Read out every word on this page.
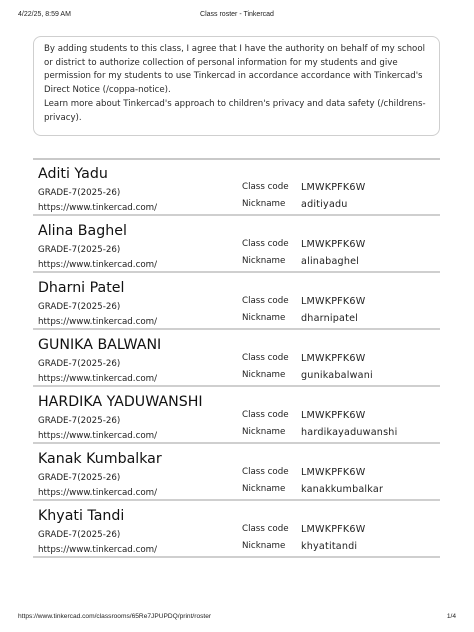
4/22/25, 8:59 AM	Class roster - Tinkercad

By adding students to this class, I agree that I have the authority on behalf of my school or district to authorize collection of personal information for my students and give permission for my students to use Tinkercad in accordance accordance with Tinkercad's Direct Notice (/coppa-notice).

Learn more about Tinkercad's approach to children's privacy and data safety (/childrens-privacy).

Aditi Yadu
GRADE-7(2025-26)
https://www.tinkercad.com/
Class code LMWKPFK6W
Nickname aditiyadu
Alina Baghel
GRADE-7(2025-26)
https://www.tinkercad.com/
Class code LMWKPFK6W
Nickname alinabaghel
Dharni Patel
GRADE-7(2025-26)
https://www.tinkercad.com/
Class code LMWKPFK6W
Nickname dharnipatel
GUNIKA BALWANI
GRADE-7(2025-26)
https://www.tinkercad.com/
Class code LMWKPFK6W
Nickname gunikabalwani
HARDIKA YADUWANSHI
GRADE-7(2025-26)
https://www.tinkercad.com/
Class code LMWKPFK6W
Nickname hardikayaduwanshi
Kanak Kumbalkar
GRADE-7(2025-26)
https://www.tinkercad.com/
Class code LMWKPFK6W
Nickname kanakkumbalkar
Khyati Tandi
GRADE-7(2025-26)
https://www.tinkercad.com/
Class code LMWKPFK6W
Nickname khyatitandi
https://www.tinkercad.com/classrooms/65Re7JPUPDQ/print/roster	1/4
